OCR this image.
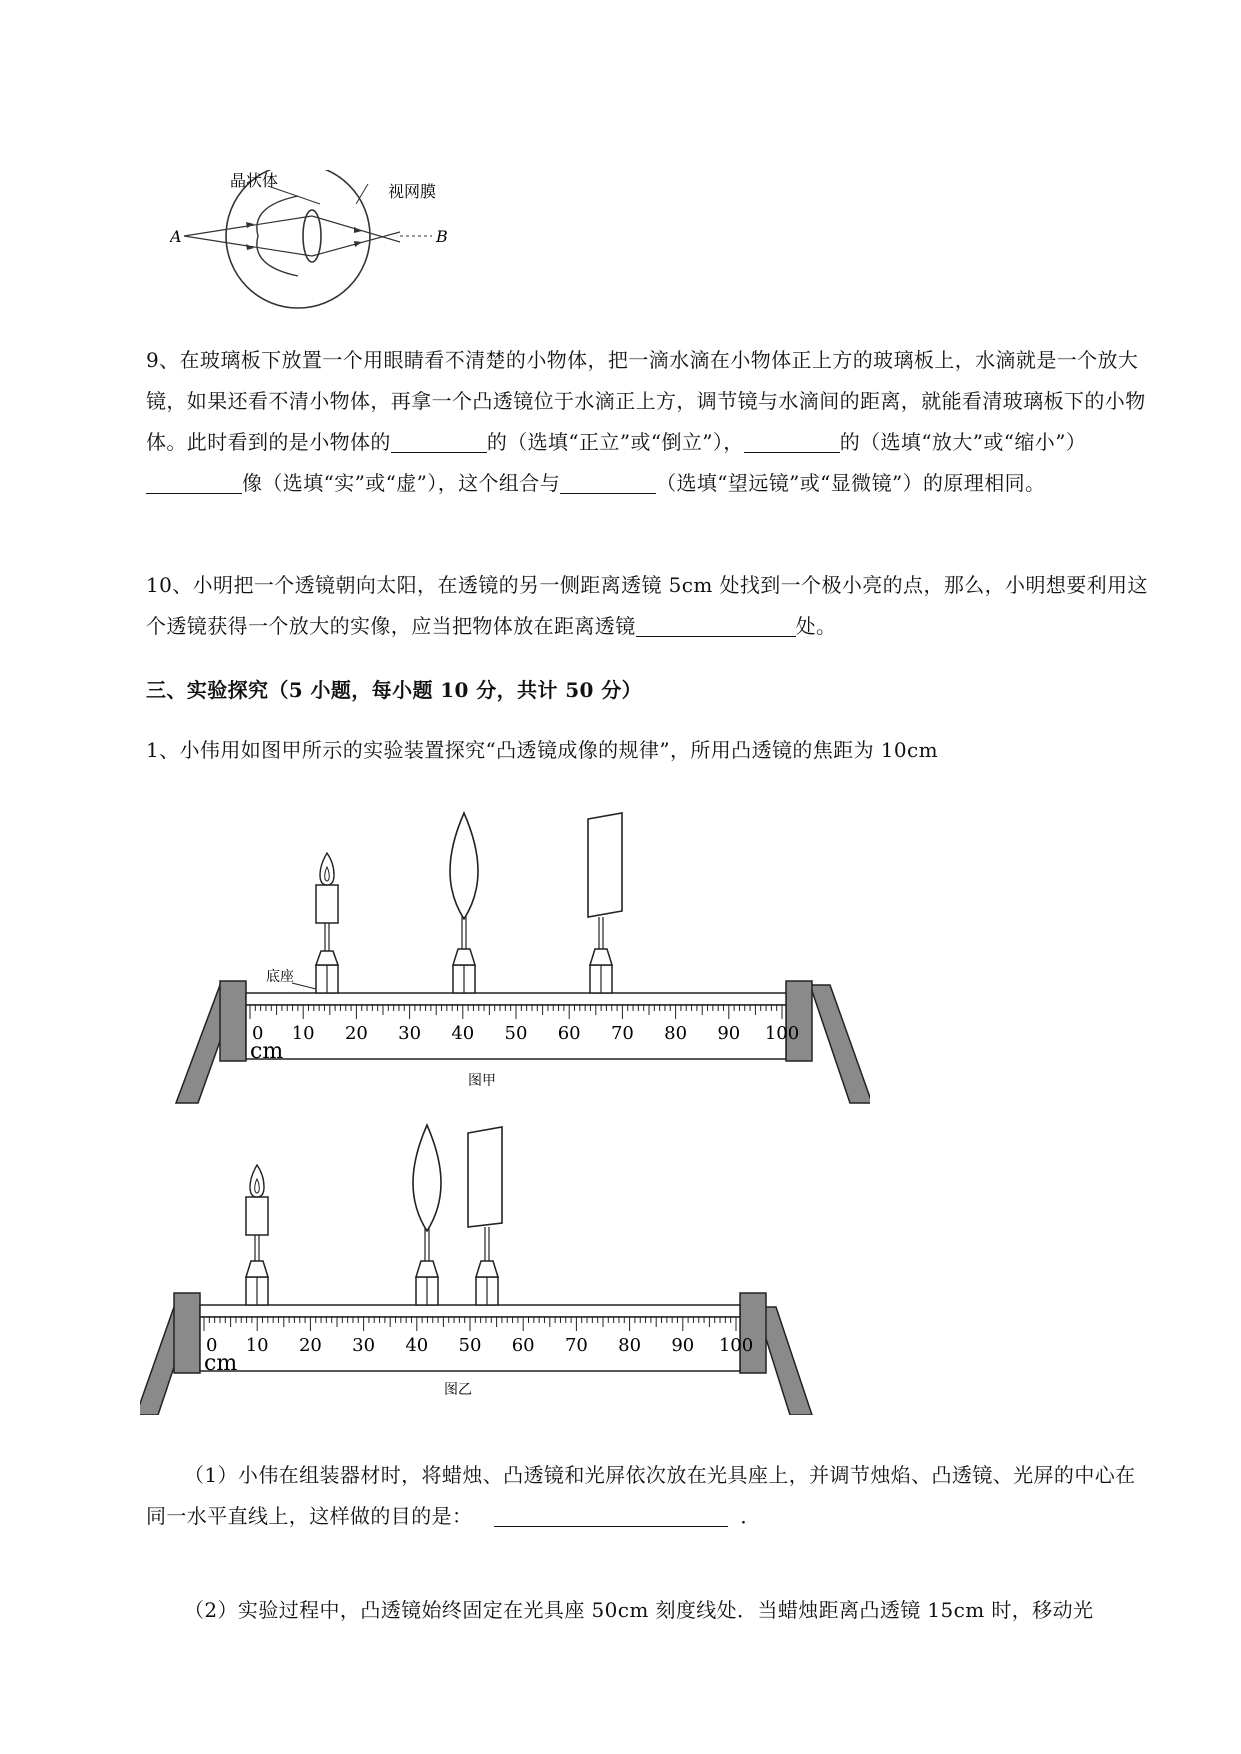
晶状体
视网膜
A	B
9、在玻璃板下放置一个用眼睛看不清楚的小物体，把一滴水滴在小物体正上方的玻璃板上，水滴就是一个放大镜，如果还看不清小物体，再拿一个凸透镜位于水滴正上方，调节镜与水滴间的距离，就能看清玻璃板下的小物体。此时看到的是小物体的	的（选填“正立”或“倒立”），	的（选填“放大”或“缩小”）像（选填“实”或“虚”），这个组合与	（选填“望远镜”或“显微镜”）的原理相同。
10、小明把一个透镜朝向太阳，在透镜的另一侧距离透镜 5cm 处找到一个极小亮的点，那么，小明想要利用这个透镜获得一个放大的实像，应当把物体放在距离透镜	处。
三、实验探究（5 小题，每小题 10 分，共计 50 分）
1、小伟用如图甲所示的实验装置探究“凸透镜成像的规律”，所用凸透镜的焦距为 10cm
0 10 20 30 40 50 60 70 80 90 100
cm
底座
图甲
0 10 20 30 40 50 60 70 80 90 100
cm
图乙
（1）小伟在组装器材时，将蜡烛、凸透镜和光屏依次放在光具座上，并调节烛焰、凸透镜、光屏的中心在同一水平直线上，这样做的目的是：	．
（2）实验过程中，凸透镜始终固定在光具座 50cm 刻度线处．当蜡烛距离凸透镜 15cm 时，移动光
